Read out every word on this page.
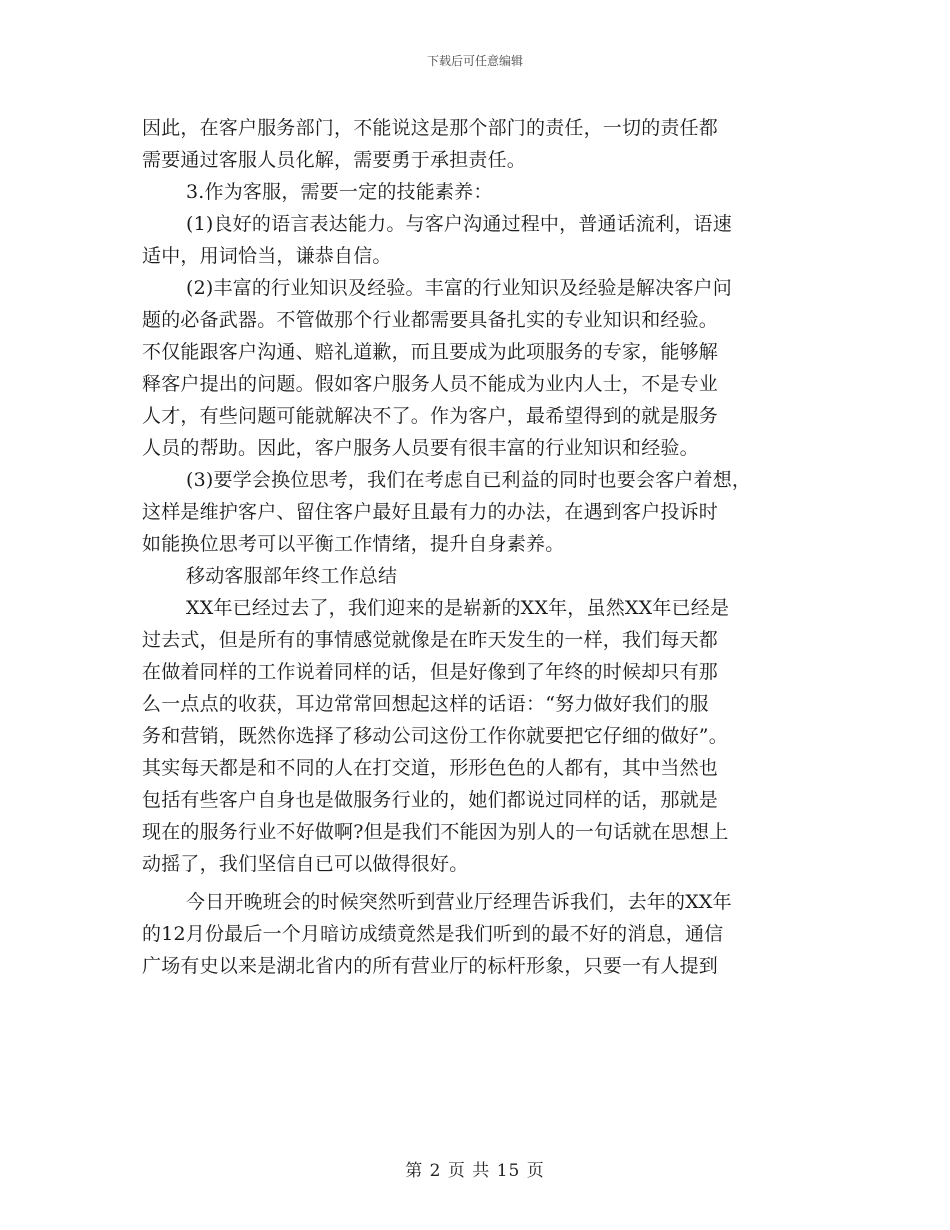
下载后可任意编辑
因此，在客户服务部门，不能说这是那个部门的责任，一切的责任都
需要通过客服人员化解，需要勇于承担责任。
3.作为客服，需要一定的技能素养：
(1)良好的语言表达能力。与客户沟通过程中，普通话流利，语速
适中，用词恰当，谦恭自信。
(2)丰富的行业知识及经验。丰富的行业知识及经验是解决客户问
题的必备武器。不管做那个行业都需要具备扎实的专业知识和经验。
不仅能跟客户沟通、赔礼道歉，而且要成为此项服务的专家，能够解
释客户提出的问题。假如客户服务人员不能成为业内人士，不是专业
人才，有些问题可能就解决不了。作为客户，最希望得到的就是服务
人员的帮助。因此，客户服务人员要有很丰富的行业知识和经验。
(3)要学会换位思考，我们在考虑自已利益的同时也要会客户着想，
这样是维护客户、留住客户最好且最有力的办法，在遇到客户投诉时
如能换位思考可以平衡工作情绪，提升自身素养。
移动客服部年终工作总结
XX年已经过去了，我们迎来的是崭新的XX年，虽然XX年已经是
过去式，但是所有的事情感觉就像是在昨天发生的一样，我们每天都
在做着同样的工作说着同样的话，但是好像到了年终的时候却只有那
么一点点的收获，耳边常常回想起这样的话语：“努力做好我们的服
务和营销，既然你选择了移动公司这份工作你就要把它仔细的做好”。
其实每天都是和不同的人在打交道，形形色色的人都有，其中当然也
包括有些客户自身也是做服务行业的，她们都说过同样的话，那就是
现在的服务行业不好做啊?但是我们不能因为别人的一句话就在思想上
动摇了，我们坚信自已可以做得很好。
今日开晚班会的时候突然听到营业厅经理告诉我们，去年的XX年
的12月份最后一个月暗访成绩竟然是我们听到的最不好的消息，通信
广场有史以来是湖北省内的所有营业厅的标杆形象，只要一有人提到
第 2 页 共 15 页
